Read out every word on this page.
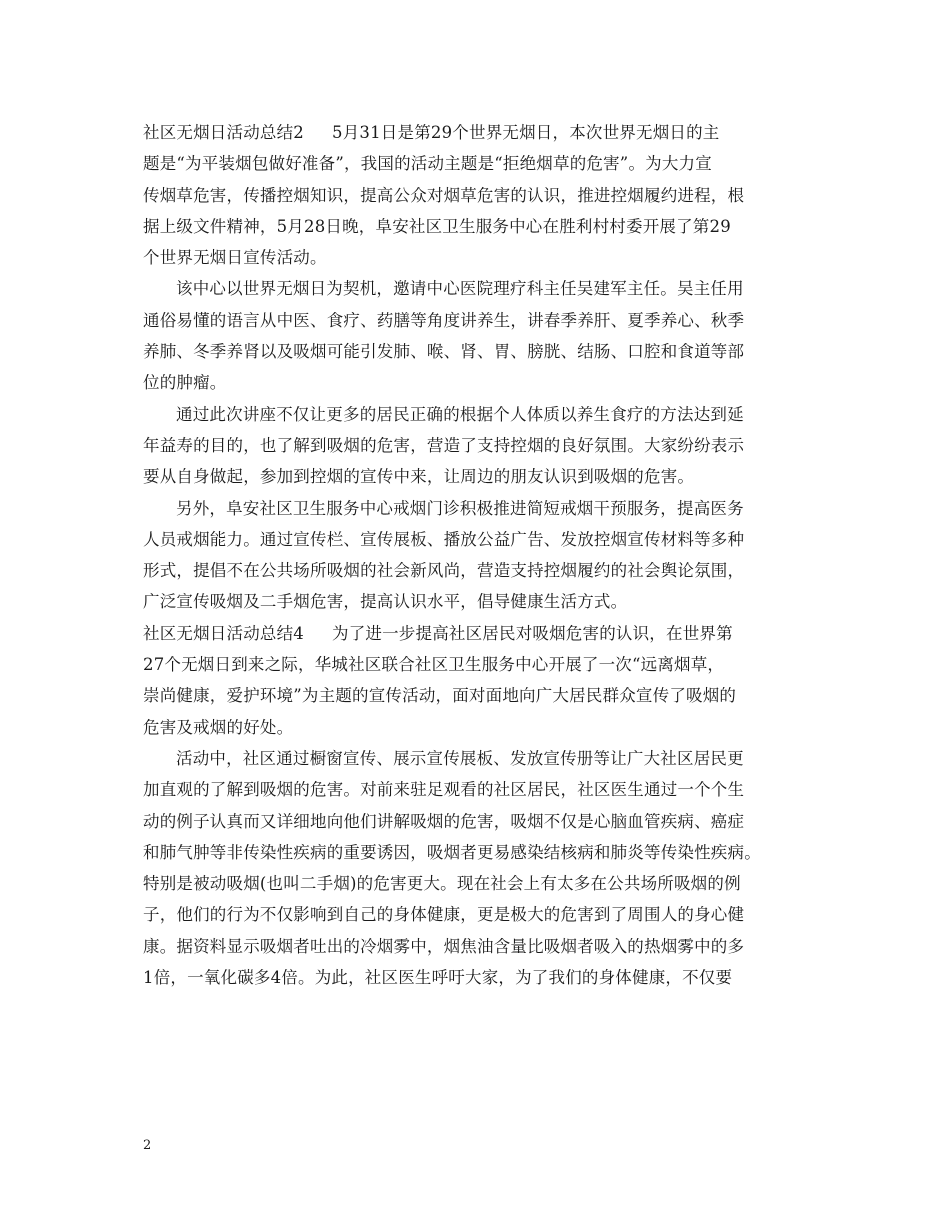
社区无烟日活动总结2 5月31日是第29个世界无烟日，本次世界无烟日的主
题是“为平装烟包做好准备”，我国的活动主题是“拒绝烟草的危害”。为大力宣
传烟草危害，传播控烟知识，提高公众对烟草危害的认识，推进控烟履约进程，根
据上级文件精神，5月28日晚，阜安社区卫生服务中心在胜利村村委开展了第29
个世界无烟日宣传活动。
该中心以世界无烟日为契机，邀请中心医院理疗科主任吴建军主任。吴主任用
通俗易懂的语言从中医、食疗、药膳等角度讲养生，讲春季养肝、夏季养心、秋季
养肺、冬季养肾以及吸烟可能引发肺、喉、肾、胃、膀胱、结肠、口腔和食道等部
位的肿瘤。
通过此次讲座不仅让更多的居民正确的根据个人体质以养生食疗的方法达到延
年益寿的目的，也了解到吸烟的危害，营造了支持控烟的良好氛围。大家纷纷表示
要从自身做起，参加到控烟的宣传中来，让周边的朋友认识到吸烟的危害。
另外，阜安社区卫生服务中心戒烟门诊积极推进简短戒烟干预服务，提高医务
人员戒烟能力。通过宣传栏、宣传展板、播放公益广告、发放控烟宣传材料等多种
形式，提倡不在公共场所吸烟的社会新风尚，营造支持控烟履约的社会舆论氛围，
广泛宣传吸烟及二手烟危害，提高认识水平，倡导健康生活方式。
社区无烟日活动总结4 为了进一步提高社区居民对吸烟危害的认识，在世界第
27个无烟日到来之际，华城社区联合社区卫生服务中心开展了一次“远离烟草，
崇尚健康，爱护环境”为主题的宣传活动，面对面地向广大居民群众宣传了吸烟的
危害及戒烟的好处。
活动中，社区通过橱窗宣传、展示宣传展板、发放宣传册等让广大社区居民更
加直观的了解到吸烟的危害。对前来驻足观看的社区居民，社区医生通过一个个生
动的例子认真而又详细地向他们讲解吸烟的危害，吸烟不仅是心脑血管疾病、癌症
和肺气肿等非传染性疾病的重要诱因，吸烟者更易感染结核病和肺炎等传染性疾病。
特别是被动吸烟(也叫二手烟)的危害更大。现在社会上有太多在公共场所吸烟的例
子，他们的行为不仅影响到自己的身体健康，更是极大的危害到了周围人的身心健
康。据资料显示吸烟者吐出的冷烟雾中，烟焦油含量比吸烟者吸入的热烟雾中的多
1倍，一氧化碳多4倍。为此，社区医生呼吁大家，为了我们的身体健康，不仅要
2
